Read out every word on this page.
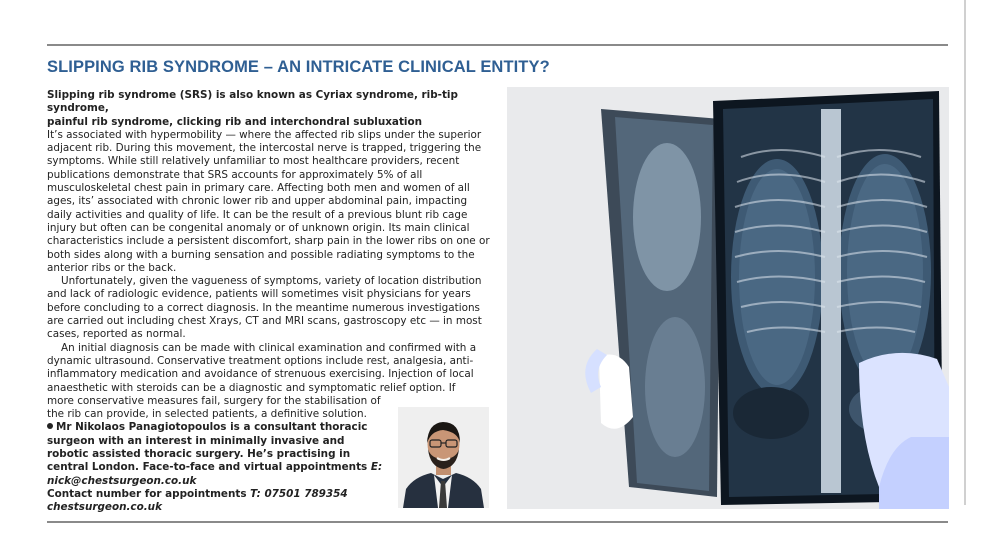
SLIPPING RIB SYNDROME – AN INTRICATE CLINICAL ENTITY?

Slipping rib syndrome (SRS) is also known as Cyriax syndrome, rib-tip syndrome,
painful rib syndrome, clicking rib and interchondral subluxation

It’s associated with hypermobility — where the affected rib slips under the superior adjacent rib. During this movement, the intercostal nerve is trapped, triggering the symptoms. While still relatively unfamiliar to most healthcare providers, recent publications demonstrate that SRS accounts for approximately 5% of all musculoskeletal chest pain in primary care. Affecting both men and women of all ages, its’ associated with chronic lower rib and upper abdominal pain, impacting daily activities and quality of life. It can be the result of a previous blunt rib cage injury but often can be congenital anomaly or of unknown origin. Its main clinical characteristics include a persistent discomfort, sharp pain in the lower ribs on one or both sides along with a burning sensation and possible radiating symptoms to the anterior ribs or the back.

Unfortunately, given the vagueness of symptoms, variety of location distribution and lack of radiologic evidence, patients will sometimes visit physicians for years before concluding to a correct diagnosis. In the meantime numerous investigations are carried out including chest Xrays, CT and MRI scans, gastroscopy etc — in most cases, reported as normal.

An initial diagnosis can be made with clinical examination and confirmed with a dynamic ultrasound. Conservative treatment options include rest, analgesia, anti-inflammatory medication and avoidance of strenuous exercising. Injection of local anaesthetic with steroids can be a diagnostic and symptomatic relief option. If

more conservative measures fail, surgery for the stabilisation of the rib can provide, in selected patients, a definitive solution.

Mr Nikolaos Panagiotopoulos is a consultant thoracic surgeon with an interest in minimally invasive and robotic assisted thoracic surgery. He’s practising in central London. Face-to-face and virtual appointments E: nick@chestsurgeon.co.uk
Contact number for appointments T: 07501 789354
chestsurgeon.co.uk
